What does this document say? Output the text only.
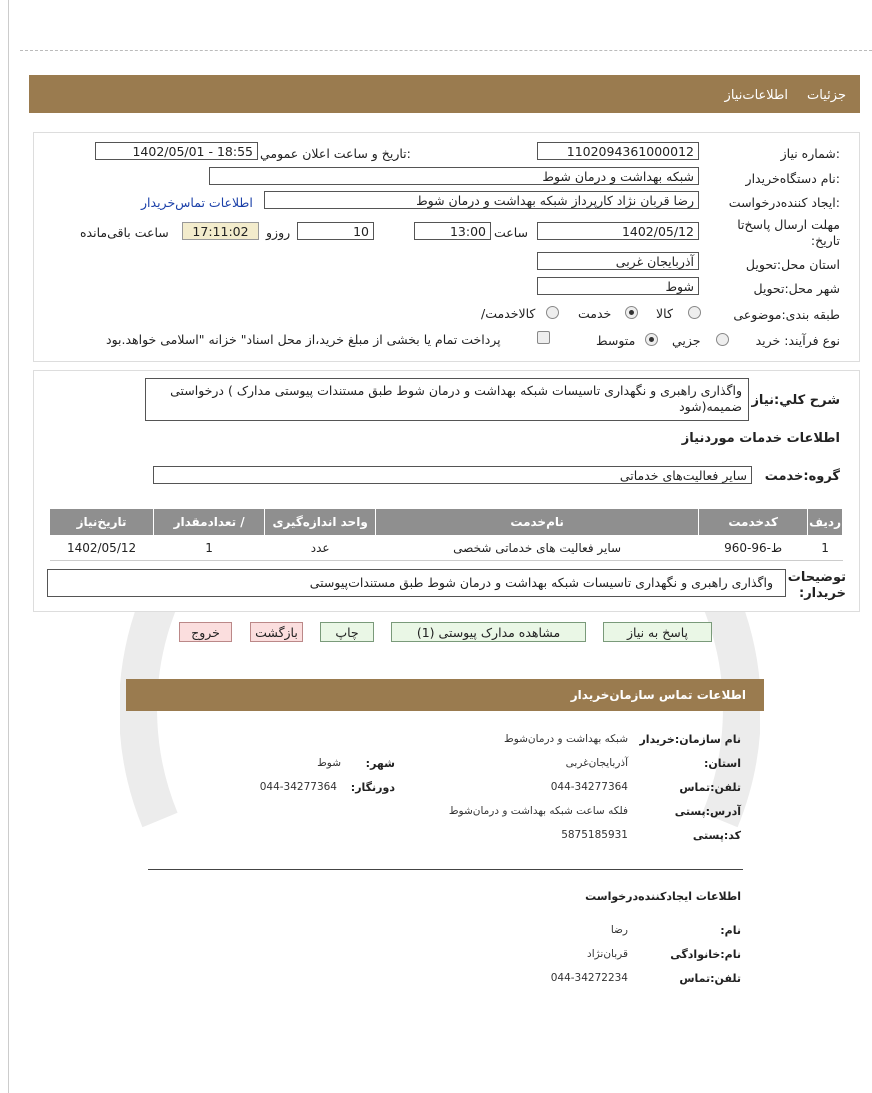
جزئیات
اطلاعات‌نیاز
شماره نیاز:
1102094361000012
تاریخ و ساعت اعلان عمومي:
1402/05/01 - 18:55
نام دستگاه‌خریدار:
شبکه بهداشت و درمان شوط
ایجاد کننده‌درخواست:
رضا قربان نژاد کارپرداز شبکه بهداشت و درمان شوط
اطلاعات تماس‌خریدار
مهلت ارسال پاسخ‌تا
:تاریخ
1402/05/12
ساعت
13:00
10
روزو
17:11:02
ساعت باقی‌مانده
استان محل:تحویل
آذربایجان غربی
شهر محل:تحویل
شوط
طبقه بندی:موضوعی
کالا
خدمت
/کالاخدمت
نوع فرآیند: خرید
جزیي
متوسط
پرداخت تمام یا بخشی از مبلغ خرید،از محل اسناد" خزانه "اسلامی خواهد.بود
شرح کلي:نیاز
واگذاری راهبری و نگهداری تاسیسات شبکه بهداشت و درمان شوط طبق مستندات پیوستی مدارک ) درخواستی ضمیمه(شود
اطلاعات خدمات موردنیاز
گروه:خدمت
سایر فعالیت‌های خدماتی
ردیف	کدخدمت	نام‌خدمت	واحد اندازه‌گیری	/ تعدادمقدار	تاریخ‌نیاز
1	ط-96-960	سایر فعالیت های خدماتی شخصی	عدد	1	1402/05/12
توضیحات
:خریدار
واگذاری راهبری و نگهداری تاسیسات شبکه بهداشت و درمان شوط طبق مستندات‌پیوستی
پاسخ به نیاز
مشاهده مدارک پیوستی (1)
چاپ
بازگشت
خروج
اطلاعات تماس سازمان‌خریدار
نام سازمان:خریدار
شبکه بهداشت و درمان‌شوط
:استان
آذربایجان‌غربی
:شهر
شوط
تلفن:تماس
044-34277364
:دورنگار
044-34277364
آدرس:پستی
فلکه ساعت شبکه بهداشت و درمان‌شوط
کد:پستی
5875185931
اطلاعات ایجادکننده‌درخواست
:نام
رضا
نام:خانوادگی
قربان‌نژاد
تلفن:تماس
044-34272234
